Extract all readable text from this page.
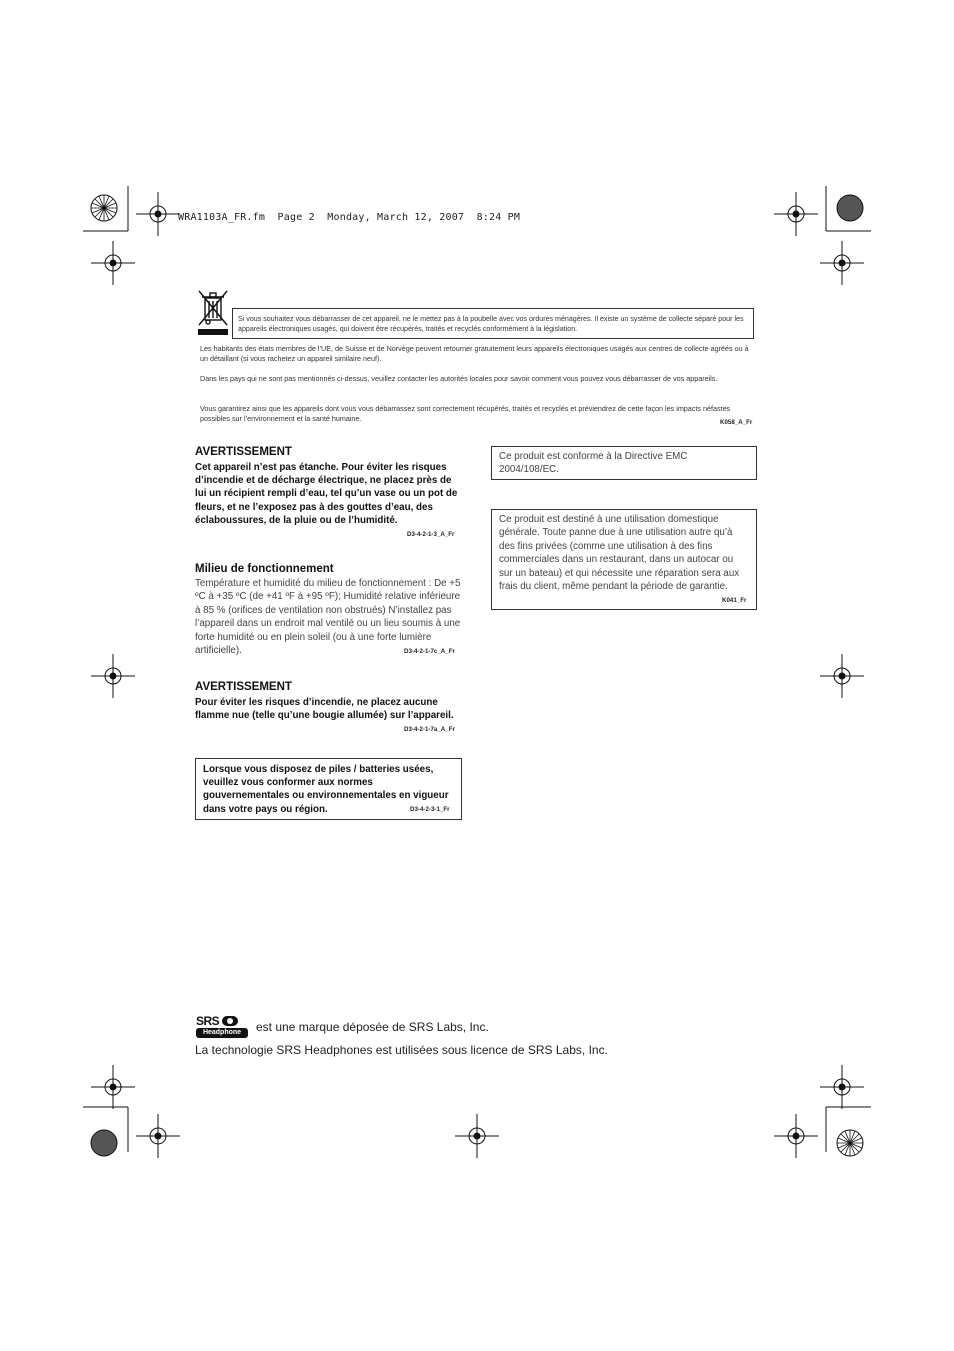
WRA1103A_FR.fm  Page 2  Monday, March 12, 2007  8:24 PM
Si vous souhaitez vous débarrasser de cet appareil, ne le mettez pas à la poubelle avec vos ordures ménagères. Il existe un système de collecte séparé pour les appareils électroniques usagés, qui doivent être récupérés, traités et recyclés conformément à la législation.
Les habitants des états membres de l’UE, de Suisse et de Norvège peuvent retourner gratuitement leurs appareils électroniques usagés aux centres de collecte agréés ou à un détaillant (si vous rachetez un appareil similaire neuf).
Dans les pays qui ne sont pas mentionnés ci-dessus, veuillez contacter les autorités locales pour savoir comment vous pouvez vous débarrasser de vos appareils.
Vous garantirez ainsi que les appareils dont vous vous débarrassez sont correctement récupérés, traités et recyclés et préviendrez de cette façon les impacts néfastes possibles sur l’environnement et la santé humaine.	K058_A_Fr
AVERTISSEMENT
Cet appareil n’est pas étanche. Pour éviter les risques d’incendie et de décharge électrique, ne placez près de lui un récipient rempli d’eau, tel qu’un vase ou un pot de fleurs, et ne l’exposez pas à des gouttes d’eau, des éclaboussures, de la pluie ou de l’humidité.
D3-4-2-1-3_A_Fr
Milieu de fonctionnement
Température et humidité du milieu de fonctionnement : De +5 ºC à +35 ºC (de +41 ºF à +95 ºF); Humidité relative inférieure à 85 % (orifices de ventilation non obstrués) N’installez pas l’appareil dans un endroit mal ventilé ou un lieu soumis à une forte humidité ou en plein soleil (ou à une forte lumière artificielle).	D3-4-2-1-7c_A_Fr
AVERTISSEMENT
Pour éviter les risques d’incendie, ne placez aucune flamme nue (telle qu’une bougie allumée) sur l’appareil.
D3-4-2-1-7a_A_Fr
Lorsque vous disposez de piles / batteries usées, veuillez vous conformer aux normes gouvernementales ou environnementales en vigueur dans votre pays ou région.	D3-4-2-3-1_Fr
Ce produit est conforme à la Directive EMC 2004/108/EC.
Ce produit est destiné à une utilisation domestique générale. Toute panne due à une utilisation autre qu’à des fins privées (comme une utilisation à des fins commerciales dans un restaurant, dans un autocar ou sur un bateau) et qui nécessite une réparation sera aux frais du client, même pendant la période de garantie.
K041_Fr
SRS
Headphone	est une marque déposée de SRS Labs, Inc.
La technologie SRS Headphones est utilisées sous licence de SRS Labs, Inc.
